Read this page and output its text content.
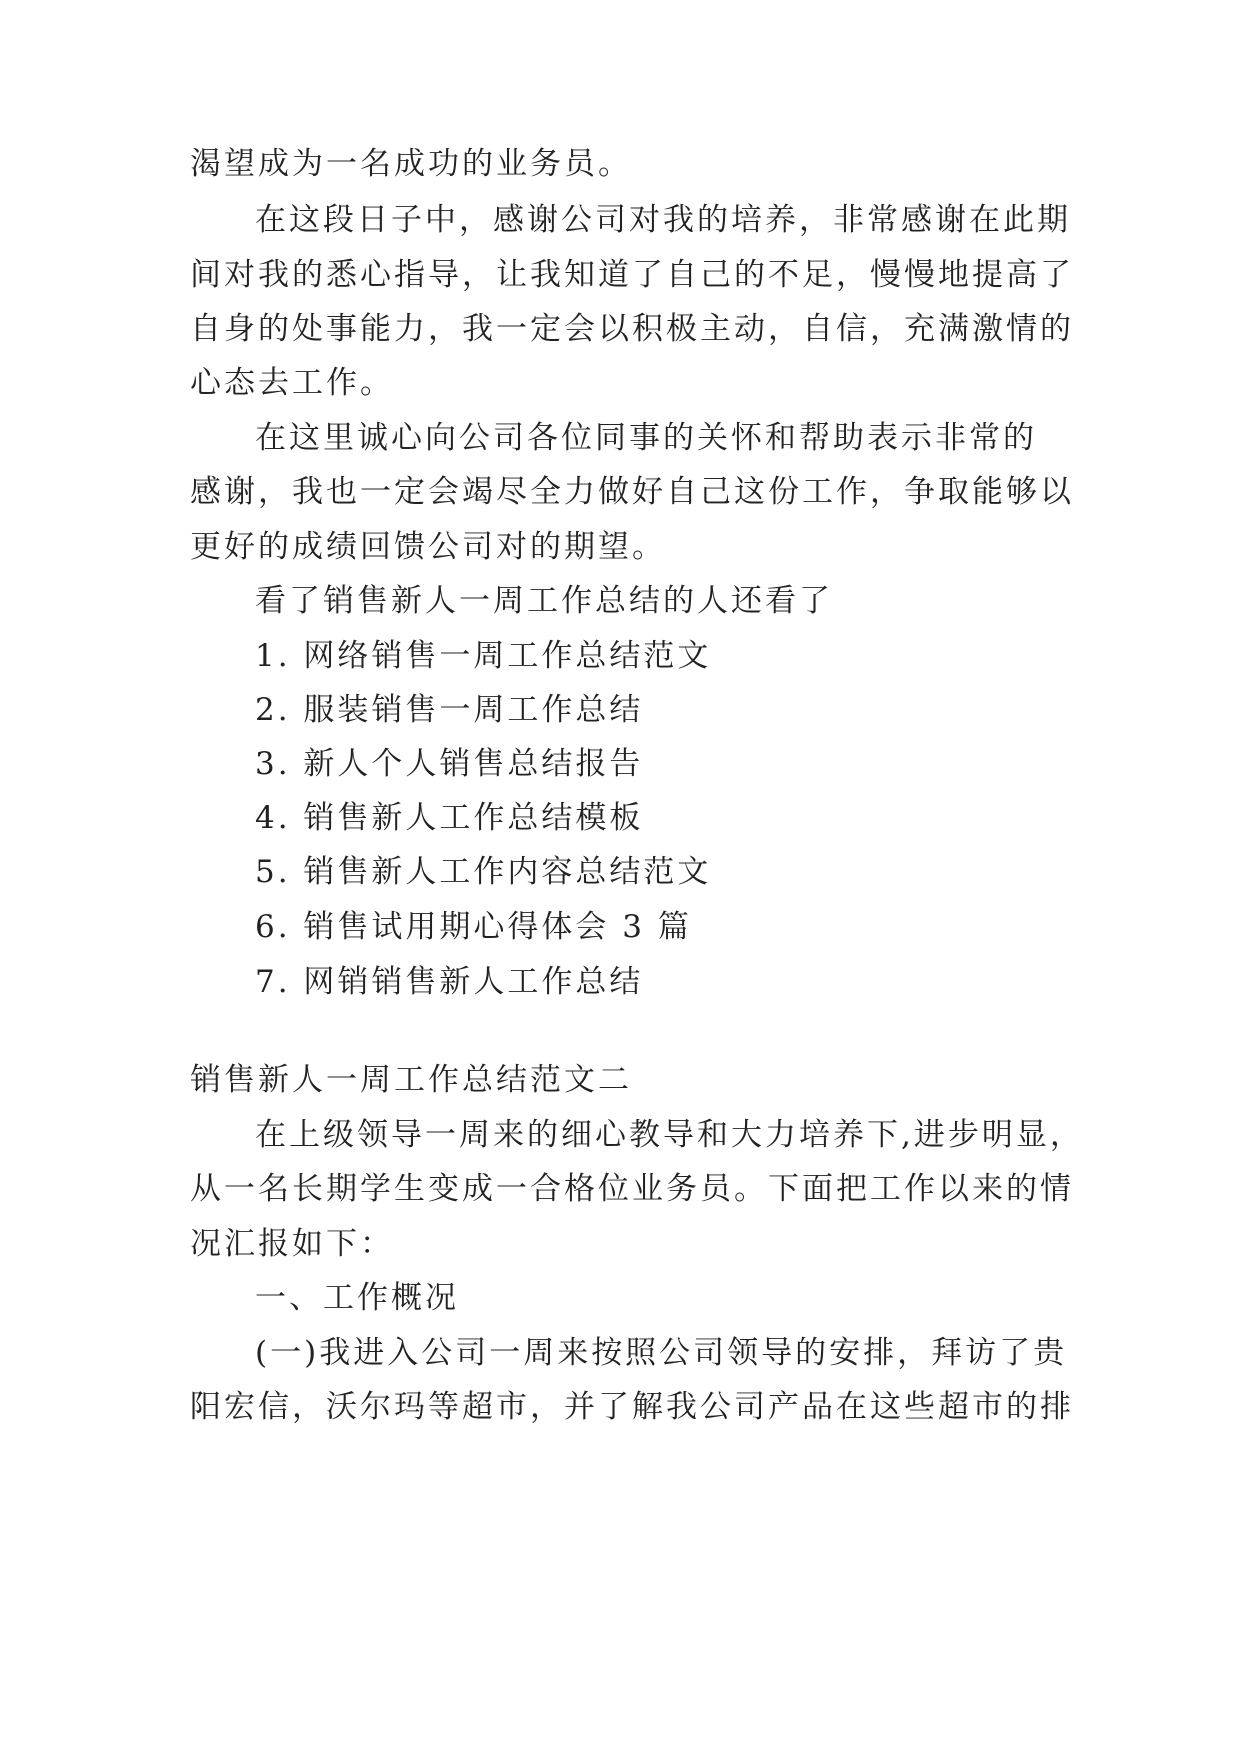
渴望成为一名成功的业务员。

在这段日子中，感谢公司对我的培养，非常感谢在此期

间对我的悉心指导，让我知道了自己的不足，慢慢地提高了

自身的处事能力，我一定会以积极主动，自信，充满激情的

心态去工作。

在这里诚心向公司各位同事的关怀和帮助表示非常的

感谢，我也一定会竭尽全力做好自己这份工作，争取能够以

更好的成绩回馈公司对的期望。

看了销售新人一周工作总结的人还看了

1. 网络销售一周工作总结范文

2. 服装销售一周工作总结

3. 新人个人销售总结报告

4. 销售新人工作总结模板

5. 销售新人工作内容总结范文

6. 销售试用期心得体会 3 篇

7. 网销销售新人工作总结

销售新人一周工作总结范文二

在上级领导一周来的细心教导和大力培养下,进步明显，

从一名长期学生变成一合格位业务员。下面把工作以来的情

况汇报如下：

一、工作概况

(一)我进入公司一周来按照公司领导的安排，拜访了贵

阳宏信，沃尔玛等超市，并了解我公司产品在这些超市的排
